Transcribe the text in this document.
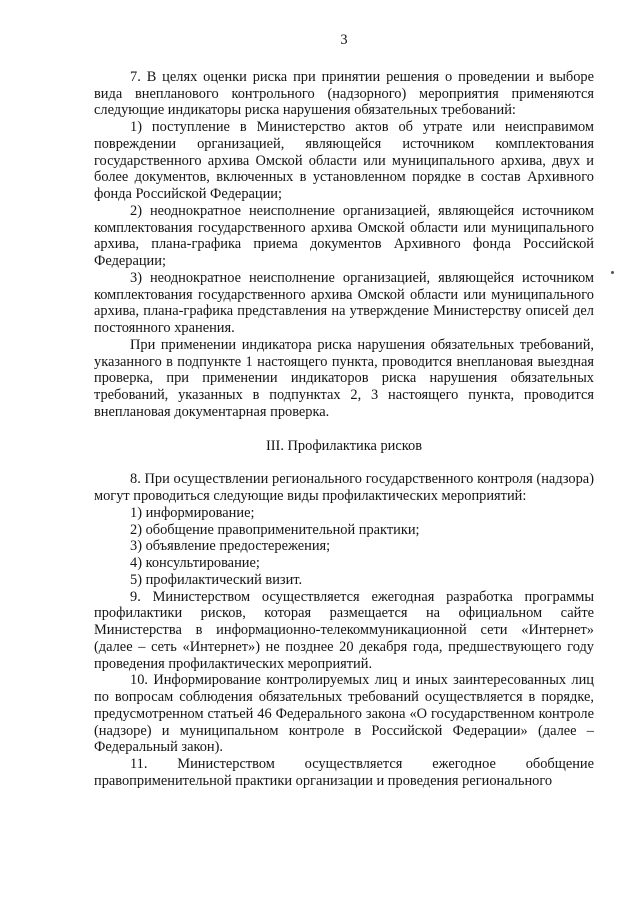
3

7. В целях оценки риска при принятии решения о проведении и выборе вида внепланового контрольного (надзорного) мероприятия применяются следующие индикаторы риска нарушения обязательных требований:

1) поступление в Министерство актов об утрате или неисправимом повреждении организацией, являющейся источником комплектования государственного архива Омской области или муниципального архива, двух и более документов, включенных в установленном порядке в состав Архивного фонда Российской Федерации;

2) неоднократное неисполнение организацией, являющейся источником комплектования государственного архива Омской области или муниципального архива, плана-графика приема документов Архивного фонда Российской Федерации;

3) неоднократное неисполнение организацией, являющейся источником комплектования государственного архива Омской области или муниципального архива, плана-графика представления на утверждение Министерству описей дел постоянного хранения.

При применении индикатора риска нарушения обязательных требований, указанного в подпункте 1 настоящего пункта, проводится внеплановая выездная проверка, при применении индикаторов риска нарушения обязательных требований, указанных в подпунктах 2, 3 настоящего пункта, проводится внеплановая документарная проверка.

III. Профилактика рисков

8. При осуществлении регионального государственного контроля (надзора) могут проводиться следующие виды профилактических мероприятий:

1) информирование;

2) обобщение правоприменительной практики;

3) объявление предостережения;

4) консультирование;

5) профилактический визит.

9. Министерством осуществляется ежегодная разработка программы профилактики рисков, которая размещается на официальном сайте Министерства в информационно-телекоммуникационной сети «Интернет» (далее – сеть «Интернет») не позднее 20 декабря года, предшествующего году проведения профилактических мероприятий.

10. Информирование контролируемых лиц и иных заинтересованных лиц по вопросам соблюдения обязательных требований осуществляется в порядке, предусмотренном статьей 46 Федерального закона «О государственном контроле (надзоре) и муниципальном контроле в Российской Федерации» (далее – Федеральный закон).

11. Министерством осуществляется ежегодное обобщение правоприменительной практики организации и проведения регионального
